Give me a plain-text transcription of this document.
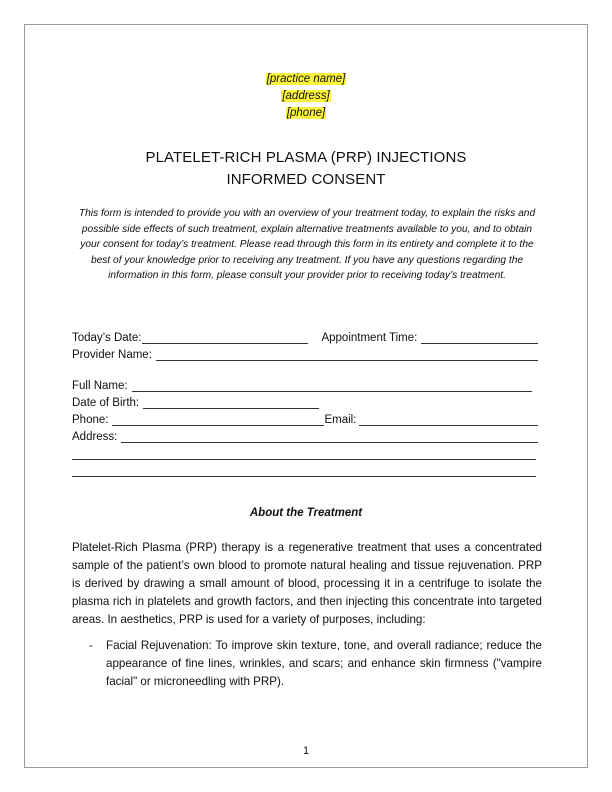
[practice name]
[address]
[phone]
PLATELET-RICH PLASMA (PRP) INJECTIONS
INFORMED CONSENT
This form is intended to provide you with an overview of your treatment today, to explain the risks and possible side effects of such treatment, explain alternative treatments available to you, and to obtain your consent for today’s treatment. Please read through this form in its entirety and complete it to the best of your knowledge prior to receiving any treatment. If you have any questions regarding the information in this form, please consult your provider prior to receiving today’s treatment.
Today’s Date:	Appointment Time:
Provider Name:
Full Name:
Date of Birth:
Phone:	Email:
Address:
About the Treatment
Platelet-Rich Plasma (PRP) therapy is a regenerative treatment that uses a concentrated sample of the patient’s own blood to promote natural healing and tissue rejuvenation. PRP is derived by drawing a small amount of blood, processing it in a centrifuge to isolate the plasma rich in platelets and growth factors, and then injecting this concentrate into targeted areas. In aesthetics, PRP is used for a variety of purposes, including:
-	Facial Rejuvenation: To improve skin texture, tone, and overall radiance; reduce the appearance of fine lines, wrinkles, and scars; and enhance skin firmness ("vampire facial" or microneedling with PRP).
1
